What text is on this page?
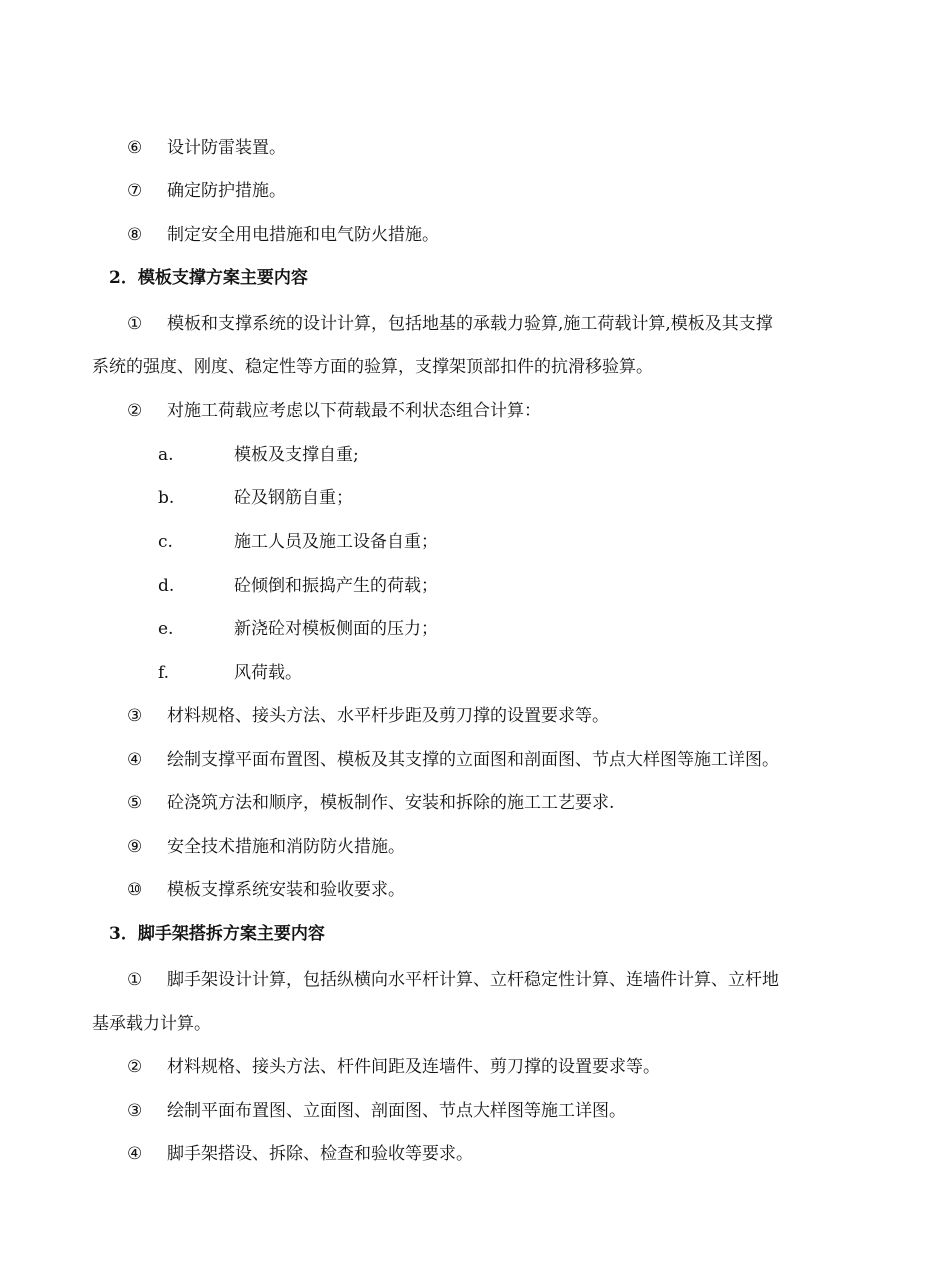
⑥ 设计防雷装置。
⑦ 确定防护措施。
⑧ 制定安全用电措施和电气防火措施。
2．模板支撑方案主要内容
① 模板和支撑系统的设计计算，包括地基的承载力验算,施工荷载计算,模板及其支撑
系统的强度、刚度、稳定性等方面的验算，支撑架顶部扣件的抗滑移验算。
② 对施工荷载应考虑以下荷载最不利状态组合计算：
a.	模板及支撑自重;
b.	砼及钢筋自重；
c.	施工人员及施工设备自重；
d.	砼倾倒和振捣产生的荷载；
e.	新浇砼对模板侧面的压力；
f.	风荷载。
③ 材料规格、接头方法、水平杆步距及剪刀撑的设置要求等。
④ 绘制支撑平面布置图、模板及其支撑的立面图和剖面图、节点大样图等施工详图。
⑤ 砼浇筑方法和顺序，模板制作、安装和拆除的施工工艺要求.
⑨ 安全技术措施和消防防火措施。
⑩ 模板支撑系统安装和验收要求。
3．脚手架搭拆方案主要内容
① 脚手架设计计算，包括纵横向水平杆计算、立杆稳定性计算、连墙件计算、立杆地
基承载力计算。
② 材料规格、接头方法、杆件间距及连墙件、剪刀撑的设置要求等。
③ 绘制平面布置图、立面图、剖面图、节点大样图等施工详图。
④ 脚手架搭设、拆除、检查和验收等要求。
